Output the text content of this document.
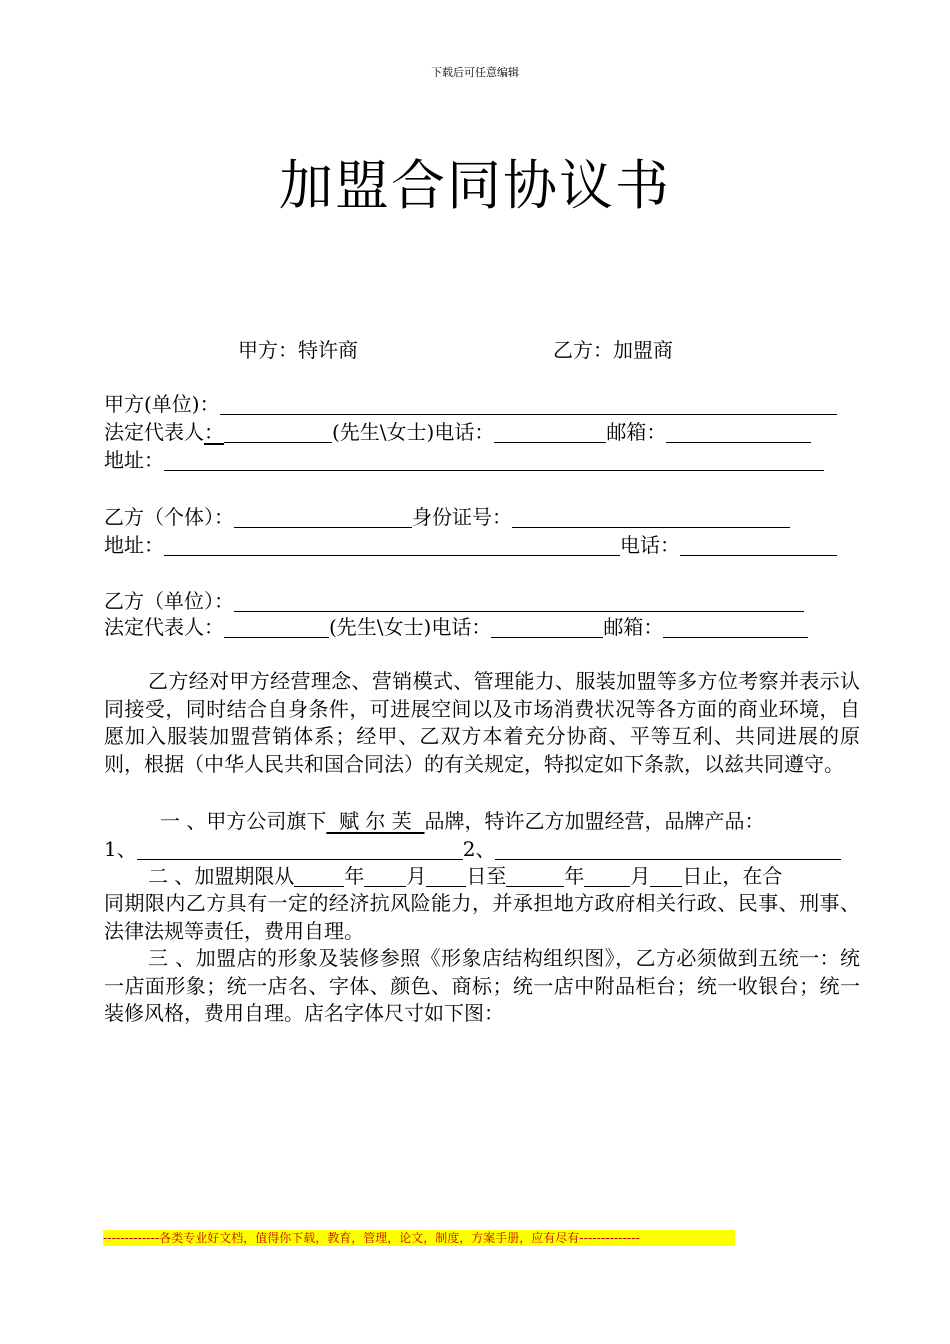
下载后可任意编辑
加盟合同协议书
甲方：特许商	乙方：加盟商
甲方(单位)：
法定代表人：	(先生\女士)电话：	邮箱：
地址：
乙方（个体）：	身份证号：
地址：	电话：
乙方（单位）：
法定代表人：	(先生\女士)电话：	邮箱：
乙方经对甲方经营理念、营销模式、管理能力、服装加盟等多方位考察并表示认同接受，同时结合自身条件，可进展空间以及市场消费状况等各方面的商业环境，自愿加入服装加盟营销体系；经甲、乙双方本着充分协商、平等互利、共同进展的原则，根据（中华人民共和国合同法）的有关规定，特拟定如下条款，以兹共同遵守。
一 、甲方公司旗下  赋 尔 芙  品牌，特许乙方加盟经营，品牌产品：
1、	2、
二 、加盟期限从	年 月 日至	年 月 日止，在合
同期限内乙方具有一定的经济抗风险能力，并承担地方政府相关行政、民事、刑事、法律法规等责任，费用自理。
三 、加盟店的形象及装修参照《形象店结构组织图》，乙方必须做到五统一：统一店面形象；统一店名、字体、颜色、商标；统一店中附品柜台；统一收银台；统一装修风格，费用自理。店名字体尺寸如下图：
-------------各类专业好文档，值得你下载，教育，管理，论文，制度，方案手册，应有尽有--------------
